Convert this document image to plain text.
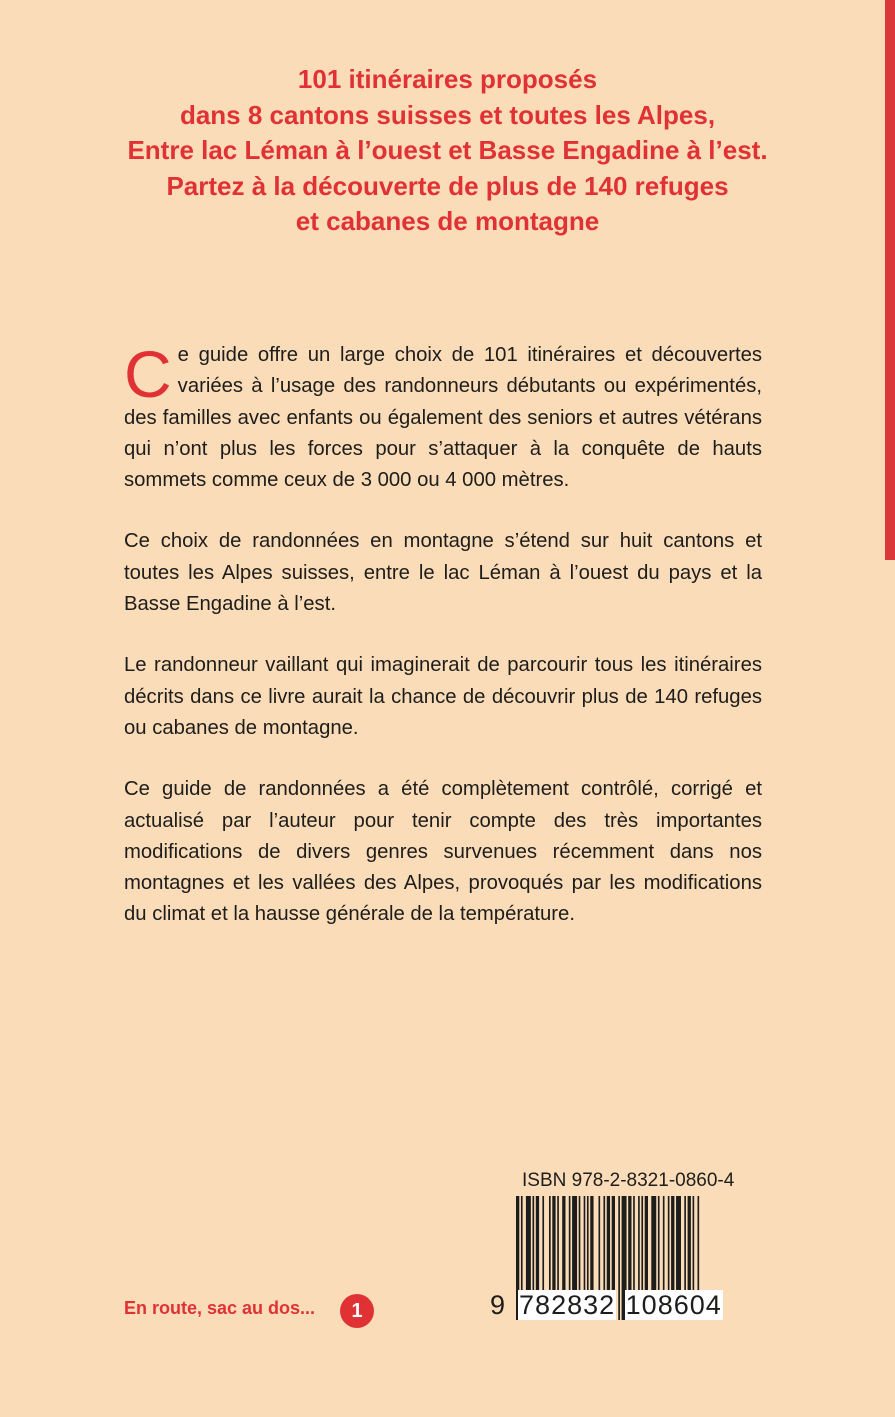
101 itinéraires proposés
dans 8 cantons suisses et toutes les Alpes,
Entre lac Léman à l’ouest et Basse Engadine à l’est.
Partez à la découverte de plus de 140 refuges
et cabanes de montagne

Ce guide offre un large choix de 101 itinéraires et découvertes variées à l’usage des randonneurs débutants ou expérimentés, des familles avec enfants ou également des seniors et autres vétérans qui n’ont plus les forces pour s’attaquer à la conquête de hauts sommets comme ceux de 3 000 ou 4 000 mètres.

Ce choix de randonnées en montagne s’étend sur huit cantons et toutes les Alpes suisses, entre le lac Léman à l’ouest du pays et la Basse Engadine à l’est.

Le randonneur vaillant qui imaginerait de parcourir tous les itinéraires décrits dans ce livre aurait la chance de découvrir plus de 140 refuges ou cabanes de montagne.

Ce guide de randonnées a été complètement contrôlé, corrigé et actualisé par l’auteur pour tenir compte des très importantes modifications de divers genres survenues récemment dans nos montagnes et les vallées des Alpes, provoqués par les modifications du climat et la hausse générale de la température.

ISBN 978-2-8321-0860-4
9 782832 108604
En route, sac au dos...	1
